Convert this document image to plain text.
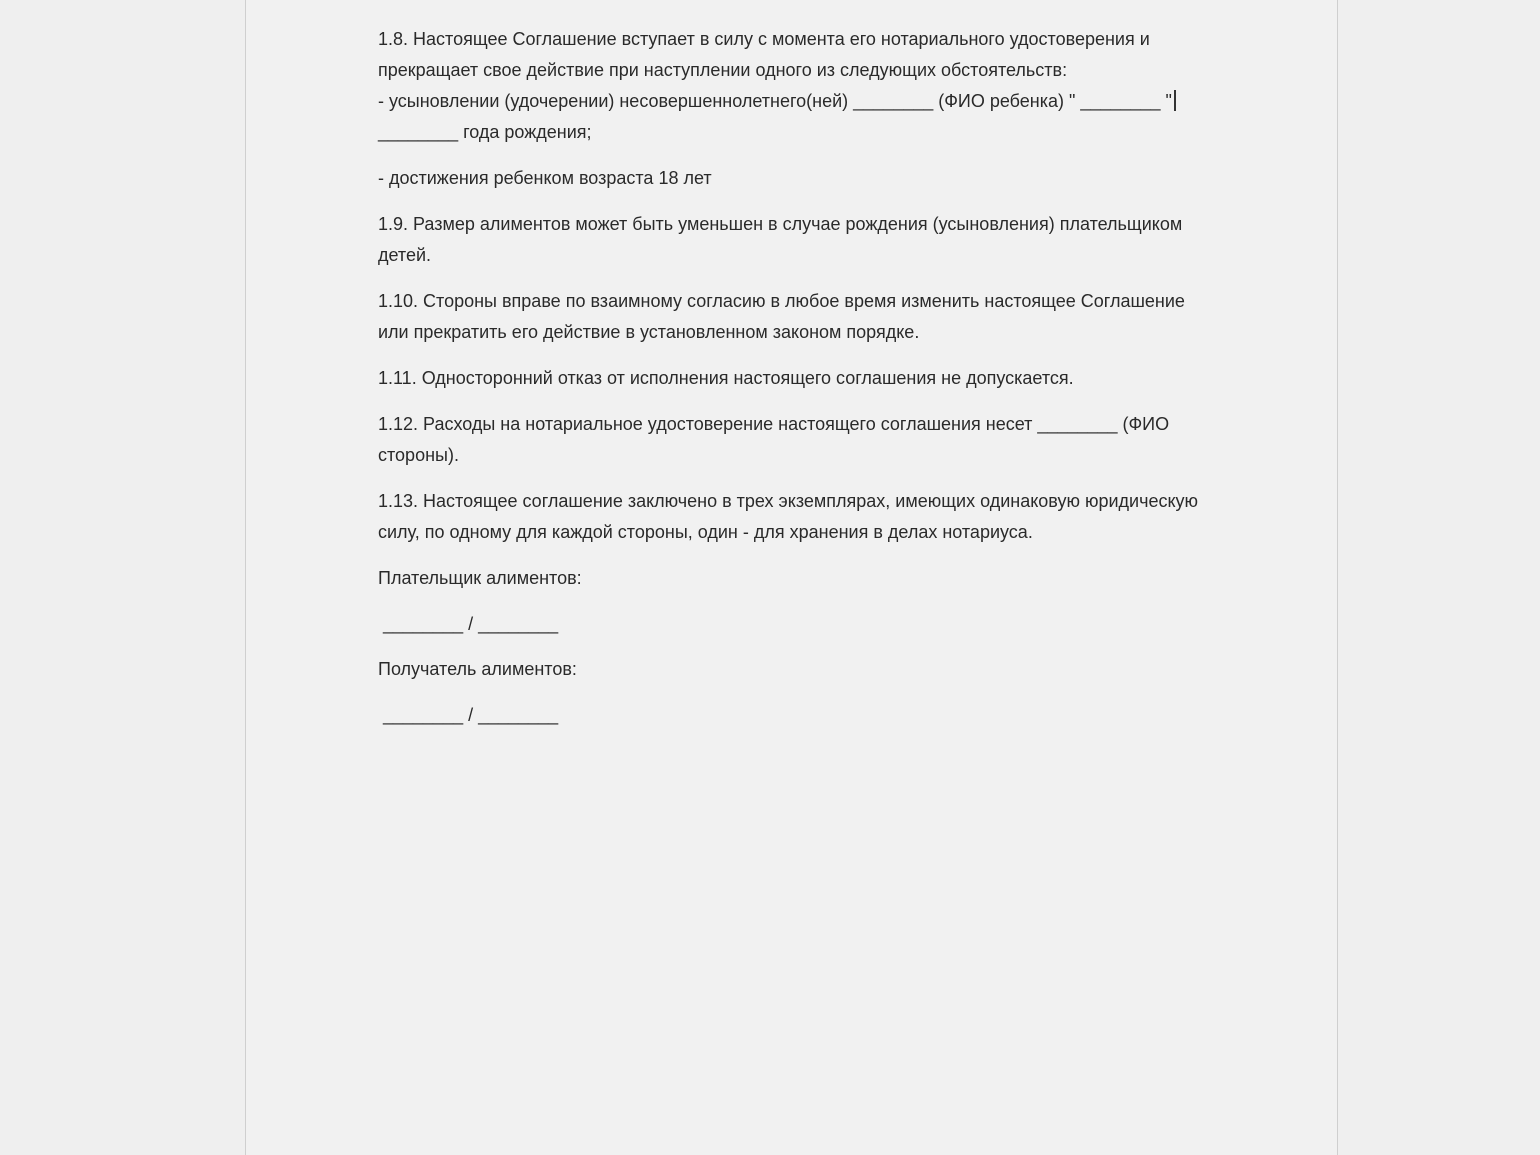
1.8. Настоящее Соглашение вступает в силу с момента его нотариального удостоверения и прекращает свое действие при наступлении одного из следующих обстоятельств:
- усыновлении (удочерении) несовершеннолетнего(ней) ________ (ФИО ребенка) " ________ "
________ года рождения;

- достижения ребенком возраста 18 лет

1.9. Размер алиментов может быть уменьшен в случае рождения (усыновления) плательщиком детей.

1.10. Стороны вправе по взаимному согласию в любое время изменить настоящее Соглашение или прекратить его действие в установленном законом порядке.

1.11. Односторонний отказ от исполнения настоящего соглашения не допускается.

1.12. Расходы на нотариальное удостоверение настоящего соглашения несет ________ (ФИО стороны).

1.13. Настоящее соглашение заключено в трех экземплярах, имеющих одинаковую юридическую силу, по одному для каждой стороны, один - для хранения в делах нотариуса.

Плательщик алиментов:

________ / ________

Получатель алиментов:

________ / ________
